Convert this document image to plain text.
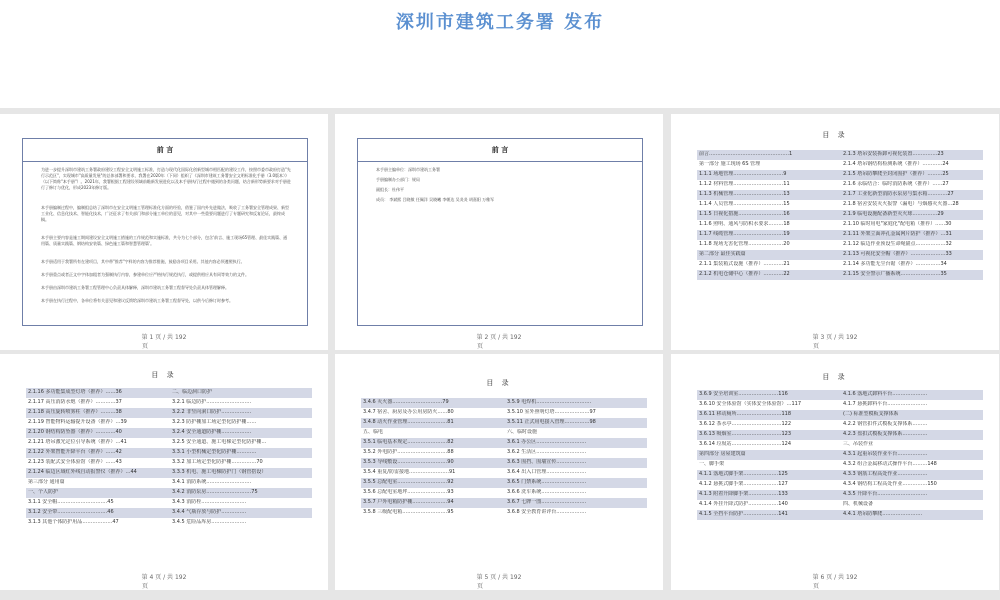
深圳市建筑工务署 发布
前 言

为进一步提升深圳市建筑工务署政府建设工程安全文明施工标准，打造与现代化国际化创新型城市相匹配的建设工作，按照市委市政府打造"先行示范区"，实现城市"高质量发展"的总体部署和要求，我署在2020年（下同）组织了《深圳市建筑工务署安全文明标准化手册（3.0版本）》（以下简称"本手册"）。2021年，我署根据工程建设领域前瞻新发展进化以及本手册执行过程中遇到的各类问题，结合新形势新要求对手册进行了修订与优化，形成2023年修订版。

本手册编制过程中，编制组总结了深圳市在安全文明施工管理标准化方面的经验，借鉴了国内外先进做法，吸收了工务署安全管理成果、新型工业化、信息化技术、智能化技术，广泛征求了有关部门和部分施工单位的意见，对其中一些重要问题进行了专题研究和反复论证，最终成稿。

本手册主要内容是施工期间建设安全文明施工措施的工作规范和实施标准，共分为七个部分，包含'前言、施工现场65管理、最佳实践篇、通用篇、质量实践篇、钢结构安装篇、绿色施工篇和智慧管理篇'。

本手册适用于我署所有在建项目，其中带"推荐"字样的内容为推荐措施，鼓励各项目采用。其他内容必须遵照执行。

本手册重点或者正文中字体加粗者为强制执行内容，参建单位应严格执行规范执行，或提供相应具有同等效力的文件。

本手册由深圳市建筑工务署工程管理中心负责具体解释，深圳市建筑工务署工程督导处负责具体管理解释。

本手册在执行过程中，各单位将有关意见和建议反馈给深圳市建筑工务署工程督导处，以供今后修订时参考。

第 1 页 / 共 192
页
前 言
本手册主编单位：深圳市建筑工务署
手册编制办公部门：规局
副组长：杜伟平
成员： 李斌熙 吕晓敏 任佩洋 吴晓曦 李朝达 吴炎炎 胡嘉阳 万稚军
第 2 页 / 共 192
页
目 录
前言…………………………………………1	2.1.3 塔吊安装拆卸可视化装置……………23
第一部分 施工现场 6S 管理	2.1.4 塔吊钢结构检测系统（推荐）…………24
1.1.1 场地管理…………………………9	2.1.5 塔吊防攀爬全封闭围护（推荐）………25
1.1.2 材料管理…………………………11	2.1.6 永临结合：临时消防系统（推荐）……27
1.1.3 机械管理…………………………13	2.1.7 工业化新型消防水泵房与集水箱…………27
1.1.4 人员管理…………………………15	2.1.8 宿舍安装灭火报警（漏电）与烟感灭火器…28
1.1.5 日视化措施………………………16	2.1.9 临电设施配备新型灭火球……………29
1.1.6 照明、通风与防积水要求………18	2.1.10 临时用电"家庭化"配电箱（推荐）……30
1.1.7 线缆管理…………………………19	2.1.11 外架立面冲孔金属网片防护（推荐）…31
1.1.8 现场无害化管理…………………20	2.1.12 临边作业预设生命绳锚点………………32
第二部分 最佳实践篇	2.1.13 可视化安全帽（推荐）…………………33
2.1.1 集装箱式设施（推荐）…………21	2.1.14 多功能无尘台锯（推荐）……………34
2.1.2 机电仓储中心（推荐）…………22	2.1.15 安全警示广播系统……………………35
第 3 页 / 共 192
页
目 录
2.1.16 多功能集成型灯塔（推荐）……36	二、临边洞口防护
2.1.17 高压消防水炮（推荐）…………37	3.2.1 临边防护………………………
2.1.18 高压旋转喷雾柱（推荐）………38	3.2.2 非竖向洞口防护………………
2.1.19 智能物料运输提升设备（推荐）…39	3.2.3 防护棚加工场定型化防护棚……
2.1.20 钢结构防坠器（推荐）…………40	3.2.4 安全通道防护棚………………
2.1.21 塔吊激光定位引导系统（推荐）…41	3.2.5 安全通道、施工电梯定型化防护棚…
2.1.22 外架智能升降平台（推荐）……42	3.3.1 小型机械定型化防护棚…………
2.1.23 装配式安全体验馆（推荐）……43	3.3.2 加工场定型化防护棚……………70
2.1.24 临边区域红外线自动报警仪（推荐）…44	3.3.3 机电、施工电梯防护门（钢管搭设）
第三部分 通用篇	3.4.1 消防系统………………………
一、个人防护	3.4.2 消防泵房………………………75
3.1.1 安全帽…………………………45	3.4.3 消防栓………………………
3.1.2 安全带…………………………46	3.4.4 气瓶存放与防护……………
3.1.3 其他个体防护用品………………47	3.4.5 危险品库房…………………
第 4 页 / 共 192
页
目 录
3.4.6 灭火器…………………………79	3.5.9 电焊机……………………………
3.4.7 宿舍、厨房及办公用房防火……80	3.5.10 室外照明灯塔…………………97
3.4.8 动火作业管理……………………81	3.5.11 正式用电接入管理……………98
五、临电	六、临时设施
3.5.1 临电基本规定……………………82	3.6.1 办公区…………………………
3.5.2 外电防护…………………………88	3.6.2 生活区…………………………
3.5.3 导线敷设…………………………90	3.6.3 围挡、围墙宣传………………
3.5.4 重复/防雷接地……………………91	3.6.4 出入口管理……………………
3.5.5 总配电室…………………………92	3.6.5 门禁系统………………………
3.5.6 总配电室地坪……………………93	3.6.6 洗车系统………………………
3.5.7 户外电箱防护棚…………………94	3.6.7 七牌一图………………………
3.5.8 三级配电箱………………………95	3.6.8 安全教育讲评台………………
第 5 页 / 共 192
页
目 录
3.6.9 安全培训室……………………116	4.1.6 落地式卸料平台…………………
3.6.10 安全体验馆（实体安全体验馆）…117	4.1.7 悬挑卸料平台……………………
3.6.11 移动厕所………………………118	(二) 标准型模板支撑体系
3.6.12 茶水亭…………………………122	4.2.2 钢管扣件式模板支撑体系………
3.6.13 吸烟室…………………………123	4.2.3 盘扣式模板支撑体系……………
3.6.14 垃圾站…………………………124	三、吊装作业
第四部分 房屋建筑篇	4.3.1 起重吊装作业平台………………
一、脚手架	4.3.2 组合金属移动式操作平台………148
4.1.1 落地式脚手架…………………125	4.3.3 钢筋工程高处作业………………
4.1.2 悬挑式脚手架…………………127	4.3.4 钢结构工程高处作业……………150
4.1.3 附着升降脚手架………………133	4.3.5 升降平台…………………………
4.1.4 外挂升降式防护………………140	四、机械设备
4.1.5 全挡平台防护…………………141	4.4.1 塔吊防攀爬……………………
第 6 页 / 共 192
页
